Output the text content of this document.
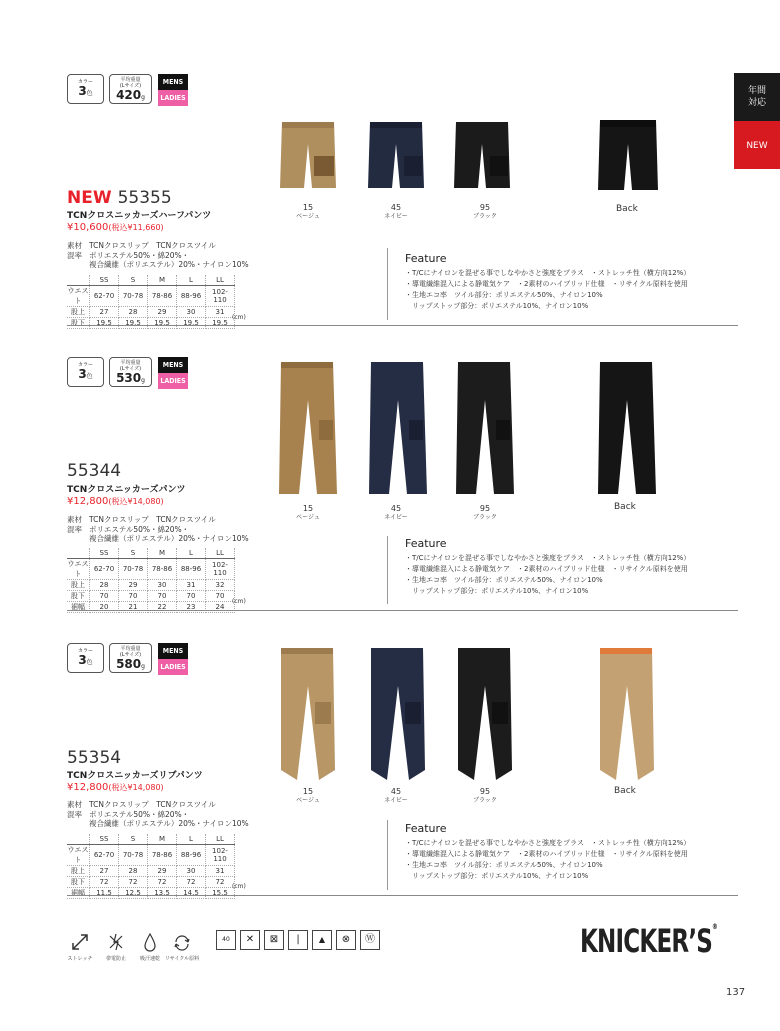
年間
対応
NEW
カラー
3色
平均重量
(Lサイズ)
420g
MENS
LADIES
NEW 55355
TCNクロスニッカーズハーフパンツ
¥10,600(税込¥11,660)
素材 TCNクロスリップ　TCNクロスツイル
混率 ポリエステル50%・綿20%・
複合繊維（ポリエステル）20%・ナイロン10%
	SS	S	M	L	LL
ウエスト	62-70	70-78	78-86	88-96	102-110
股上	27	28	29	30	31
股下	19.5	19.5	19.5	19.5	19.5
(cm)
15
ベージュ
45
ネイビー
95
ブラック
Back
Feature
・T/Cにナイロンを混ぜる事でしなやかさと強度をプラス　・ストレッチ性（横方向12%）
・導電繊維混入による静電気ケア　・2素材のハイブリッド仕様　・リサイクル原料を使用
・生地エコ率　ツイル部分：ポリエステル50%、ナイロン10%
　リップストップ部分：ポリエステル10%、ナイロン10%
カラー
3色
平均重量
(Lサイズ)
530g
MENS
LADIES
55344
TCNクロスニッカーズパンツ
¥12,800(税込¥14,080)
素材 TCNクロスリップ　TCNクロスツイル
混率 ポリエステル50%・綿20%・
複合繊維（ポリエステル）20%・ナイロン10%
	SS	S	M	L	LL
ウエスト	62-70	70-78	78-86	88-96	102-110
股上	28	29	30	31	32
股下	70	70	70	70	70
裾幅	20	21	22	23	24
(cm)
15
ベージュ
45
ネイビー
95
ブラック
Back
Feature
・T/Cにナイロンを混ぜる事でしなやかさと強度をプラス　・ストレッチ性（横方向12%）
・導電繊維混入による静電気ケア　・2素材のハイブリッド仕様　・リサイクル原料を使用
・生地エコ率　ツイル部分：ポリエステル50%、ナイロン10%
　リップストップ部分：ポリエステル10%、ナイロン10%
カラー
3色
平均重量
(Lサイズ)
580g
MENS
LADIES
55354
TCNクロスニッカーズリブパンツ
¥12,800(税込¥14,080)
素材 TCNクロスリップ　TCNクロスツイル
混率 ポリエステル50%・綿20%・
複合繊維（ポリエステル）20%・ナイロン10%
	SS	S	M	L	LL
ウエスト	62-70	70-78	78-86	88-96	102-110
股上	27	28	29	30	31
股下	72	72	72	72	72
裾幅	11.5	12.5	13.5	14.5	15.5
(cm)
15
ベージュ
45
ネイビー
95
ブラック
Back
Feature
・T/Cにナイロンを混ぜる事でしなやかさと強度をプラス　・ストレッチ性（横方向12%）
・導電繊維混入による静電気ケア　・2素材のハイブリッド仕様　・リサイクル原料を使用
・生地エコ率　ツイル部分：ポリエステル50%、ナイロン10%
　リップストップ部分：ポリエステル10%、ナイロン10%
ストレッチ	帯電防止	吸汗速乾 リサイクル原料
40	✕	⊠	|	▲	⊗	Ⓦ	KNICKER’S®
137
